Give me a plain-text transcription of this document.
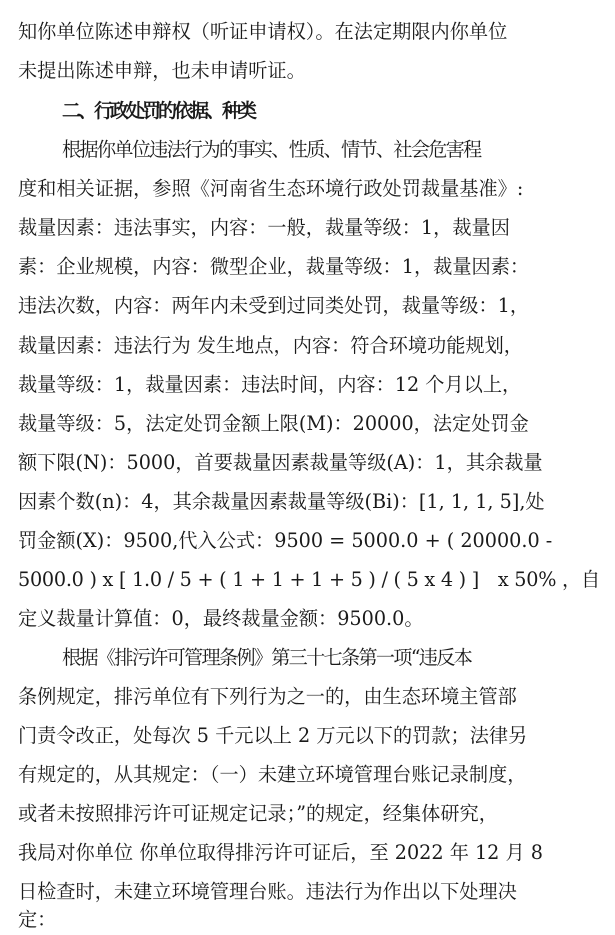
知你单位陈述申辩权（听证申请权）。在法定期限内你单位
未提出陈述申辩，也未申请听证。
二、行政处罚的依据、种类
根据你单位违法行为的事实、性质、情节、社会危害程
度和相关证据，参照《河南省生态环境行政处罚裁量基准》:
裁量因素：违法事实，内容：一般，裁量等级：1，裁量因
素：企业规模，内容：微型企业，裁量等级：1，裁量因素：
违法次数，内容：两年内未受到过同类处罚，裁量等级：1，
裁量因素：违法行为 发生地点，内容：符合环境功能规划，
裁量等级：1，裁量因素：违法时间，内容：12 个月以上，
裁量等级：5，法定处罚金额上限(M)：20000，法定处罚金
额下限(N)：5000，首要裁量因素裁量等级(A)：1，其余裁量
因素个数(n)：4，其余裁量因素裁量等级(Bi)：[1, 1, 1, 5],处
罚金额(X)：9500,代入公式：9500 = 5000.0 + ( 20000.0 -
5000.0 ) x [ 1.0 / 5 + ( 1 + 1 + 1 + 5 ) / ( 5 x 4 ) ]　x 50% ，自
定义裁量计算值：0，最终裁量金额：9500.0。
根据《排污许可管理条例》第三十七条第一项“违反本
条例规定，排污单位有下列行为之一的，由生态环境主管部
门责令改正，处每次 5 千元以上 2 万元以下的罚款；法律另
有规定的，从其规定：（一）未建立环境管理台账记录制度，
或者未按照排污许可证规定记录；”的规定，经集体研究，
我局对你单位 你单位取得排污许可证后，至 2022 年 12 月 8
日检查时，未建立环境管理台账。违法行为作出以下处理决
定：
